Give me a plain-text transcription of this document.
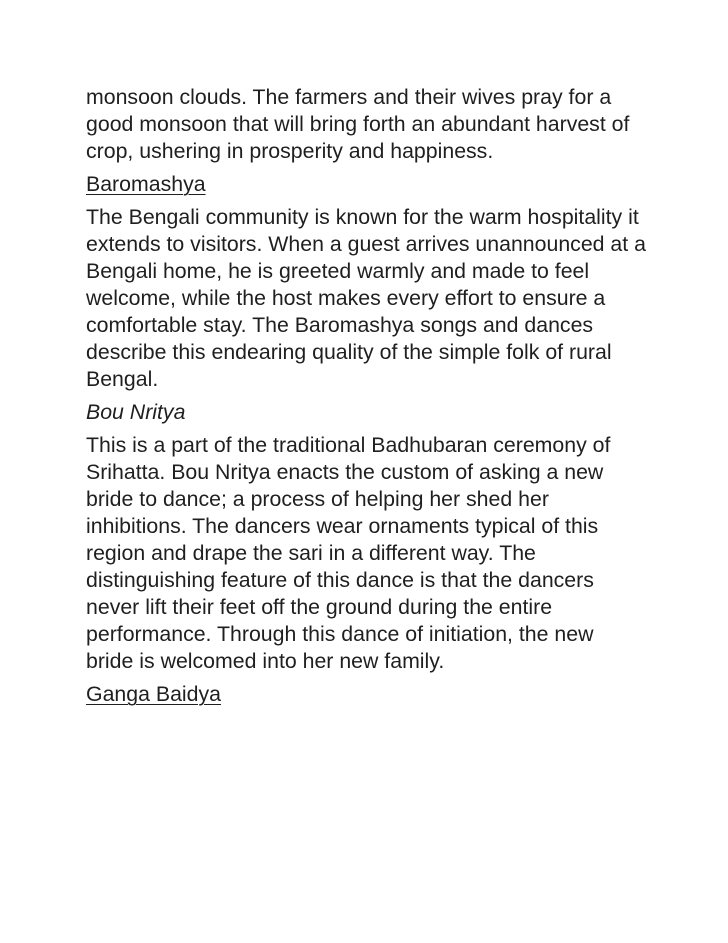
monsoon clouds. The farmers and their wives pray for a good monsoon that will bring forth an abundant harvest of crop, ushering in prosperity and happiness.

Baromashya

The Bengali community is known for the warm hospitality it extends to visitors. When a guest arrives unannounced at a Bengali home, he is greeted warmly and made to feel welcome, while the host makes every effort to ensure a comfortable stay. The Baromashya songs and dances describe this endearing quality of the simple folk of rural Bengal.

Bou Nritya

This is a part of the traditional Badhubaran ceremony of Srihatta. Bou Nritya enacts the custom of asking a new bride to dance; a process of helping her shed her inhibitions. The dancers wear ornaments typical of this region and drape the sari in a different way. The distinguishing feature of this dance is that the dancers never lift their feet off the ground during the entire performance. Through this dance of initiation, the new bride is welcomed into her new family.

Ganga Baidya
